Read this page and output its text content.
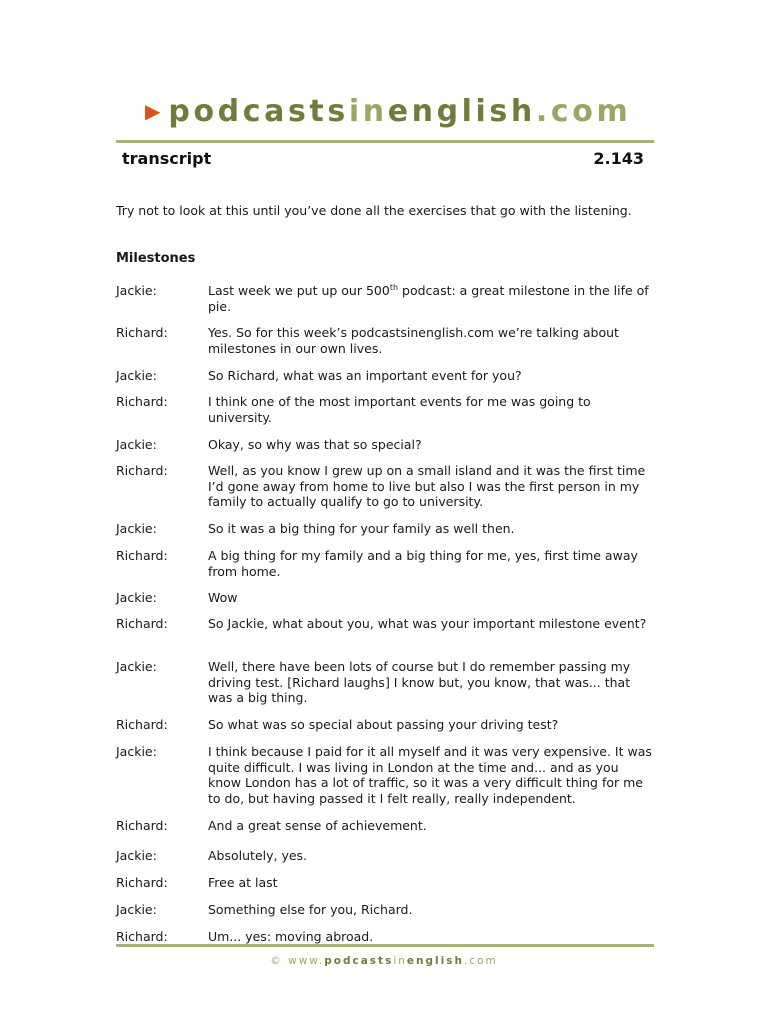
▶ podcastsinenglish.com
transcript	2.143
Try not to look at this until you’ve done all the exercises that go with the listening.
Milestones
Jackie:	Last week we put up our 500th podcast: a great milestone in the life of pie.
Richard:	Yes. So for this week’s podcastsinenglish.com we’re talking about milestones in our own lives.
Jackie:	So Richard, what was an important event for you?
Richard:	I think one of the most important events for me was going to university.
Jackie:	Okay, so why was that so special?
Richard:	Well, as you know I grew up on a small island and it was the first time I’d gone away from home to live but also I was the first person in my family to actually qualify to go to university.
Jackie:	So it was a big thing for your family as well then.
Richard:	A big thing for my family and a big thing for me, yes, first time away from home.
Jackie:	Wow
Richard:	So Jackie, what about you, what was your important milestone event?
Jackie:	Well, there have been lots of course but I do remember passing my driving test. [Richard laughs] I know but, you know, that was... that was a big thing.
Richard:	So what was so special about passing your driving test?
Jackie:	I think because I paid for it all myself and it was very expensive. It was quite difficult. I was living in London at the time and... and as you know London has a lot of traffic, so it was a very difficult thing for me to do, but having passed it I felt really, really independent.
Richard:	And a great sense of achievement.
Jackie:	Absolutely, yes.
Richard:	Free at last
Jackie:	Something else for you, Richard.
Richard:	Um... yes: moving abroad.
© www.podcastsinenglish.com
